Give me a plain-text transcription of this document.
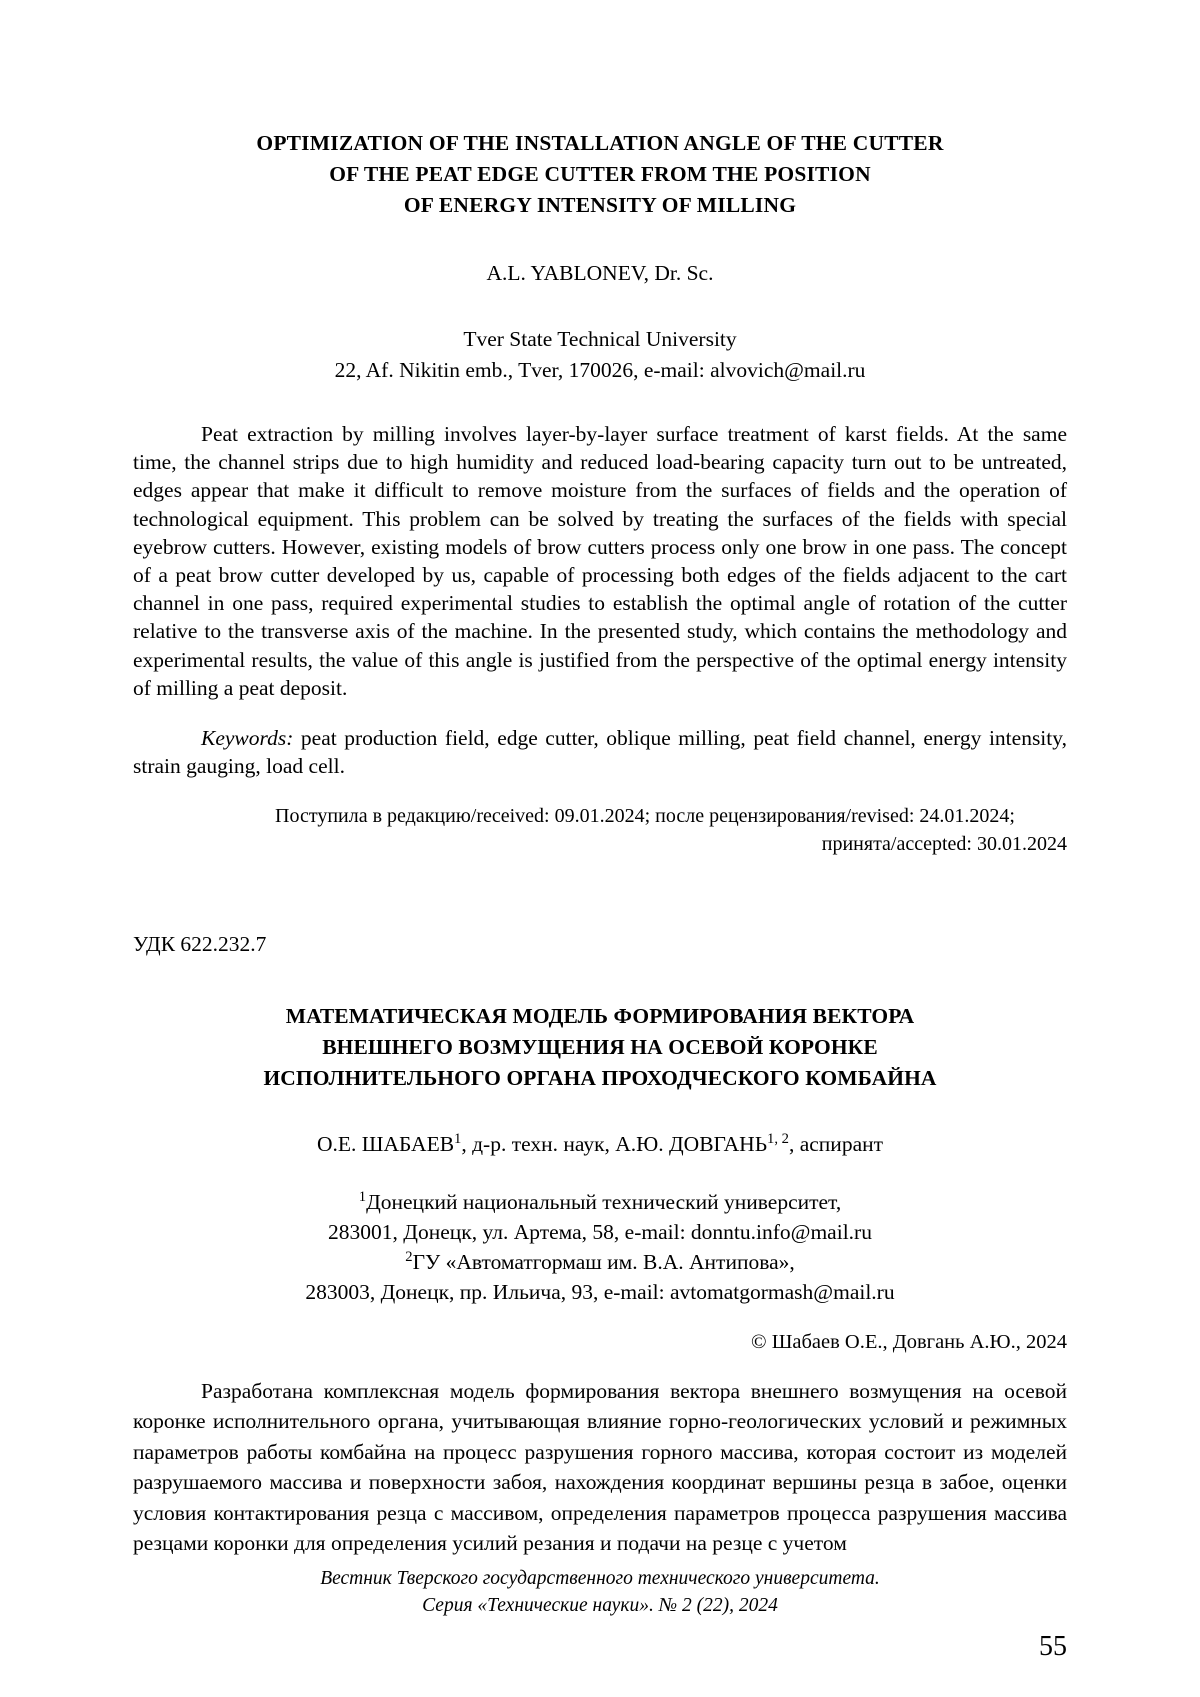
OPTIMIZATION OF THE INSTALLATION ANGLE OF THE CUTTER
OF THE PEAT EDGE CUTTER FROM THE POSITION
OF ENERGY INTENSITY OF MILLING
A.L. YABLONEV, Dr. Sc.
Tver State Technical University
22, Af. Nikitin emb., Tver, 170026, e-mail: alvovich@mail.ru

Peat extraction by milling involves layer-by-layer surface treatment of karst fields. At the same time, the channel strips due to high humidity and reduced load-bearing capacity turn out to be untreated, edges appear that make it difficult to remove moisture from the surfaces of fields and the operation of technological equipment. This problem can be solved by treating the surfaces of the fields with special eyebrow cutters. However, existing models of brow cutters process only one brow in one pass. The concept of a peat brow cutter developed by us, capable of processing both edges of the fields adjacent to the cart channel in one pass, required experimental studies to establish the optimal angle of rotation of the cutter relative to the transverse axis of the machine. In the presented study, which contains the methodology and experimental results, the value of this angle is justified from the perspective of the optimal energy intensity of milling a peat deposit.

Keywords: peat production field, edge cutter, oblique milling, peat field channel, energy intensity, strain gauging, load cell.

Поступила в редакцию/received: 09.01.2024; после рецензирования/revised: 24.01.2024;
принята/accepted: 30.01.2024
УДК 622.232.7
МАТЕМАТИЧЕСКАЯ МОДЕЛЬ ФОРМИРОВАНИЯ ВЕКТОРА
ВНЕШНЕГО ВОЗМУЩЕНИЯ НА ОСЕВОЙ КОРОНКЕ
ИСПОЛНИТЕЛЬНОГО ОРГАНА ПРОХОДЧЕСКОГО КОМБАЙНА
О.Е. ШАБАЕВ$^1$, д-р. техн. наук, А.Ю. ДОВГАНЬ$^{1, 2}$, аспирант
$^1$Донецкий национальный технический университет,
283001, Донецк, ул. Артема, 58, e-mail: donntu.info@mail.ru
$^2$ГУ «Автоматгормаш им. В.А. Антипова»,
283003, Донецк, пр. Ильича, 93, e-mail: avtomatgormash@mail.ru
© Шабаев О.Е., Довгань А.Ю., 2024

Разработана комплексная модель формирования вектора внешнего возмущения на осевой коронке исполнительного органа, учитывающая влияние горно-геологических условий и режимных параметров работы комбайна на процесс разрушения горного массива, которая состоит из моделей разрушаемого массива и поверхности забоя, нахождения координат вершины резца в забое, оценки условия контактирования резца с массивом, определения параметров процесса разрушения массива резцами коронки для определения усилий резания и подачи на резце с учетом

Вестник Тверского государственного технического университета.
Серия «Технические науки». № 2 (22), 2024
55
